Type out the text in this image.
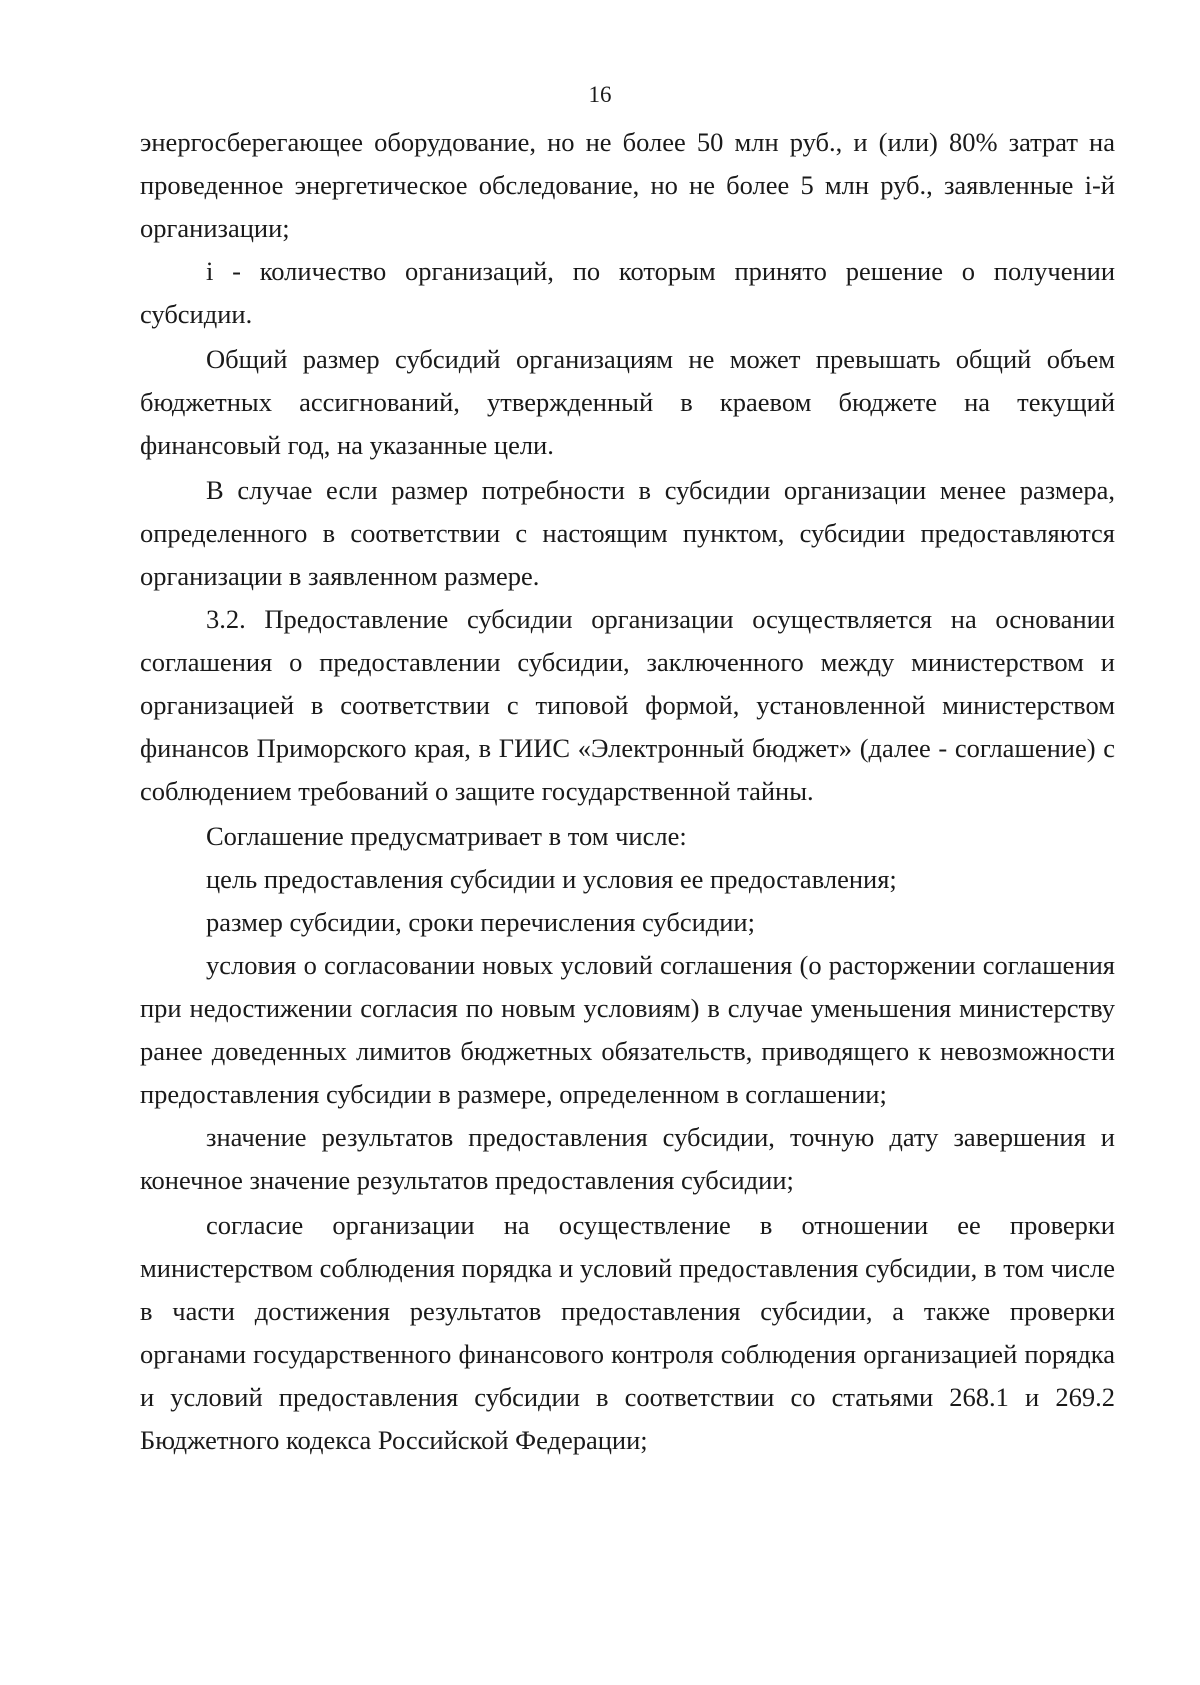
16

энергосберегающее оборудование, но не более 50 млн руб., и (или) 80% затрат на проведенное энергетическое обследование, но не более 5 млн руб., заявленные i-й организации;

i - количество организаций, по которым принято решение о получении субсидии.

Общий размер субсидий организациям не может превышать общий объем бюджетных ассигнований, утвержденный в краевом бюджете на текущий финансовый год, на указанные цели.

В случае если размер потребности в субсидии организации менее размера, определенного в соответствии с настоящим пунктом, субсидии предоставляются организации в заявленном размере.

3.2. Предоставление субсидии организации осуществляется на основании соглашения о предоставлении субсидии, заключенного между министерством и организацией в соответствии с типовой формой, установленной министерством финансов Приморского края, в ГИИС «Электронный бюджет» (далее - соглашение) с соблюдением требований о защите государственной тайны.

Соглашение предусматривает в том числе:

цель предоставления субсидии и условия ее предоставления;

размер субсидии, сроки перечисления субсидии;

условия о согласовании новых условий соглашения (о расторжении соглашения при недостижении согласия по новым условиям) в случае уменьшения министерству ранее доведенных лимитов бюджетных обязательств, приводящего к невозможности предоставления субсидии в размере, определенном в соглашении;

значение результатов предоставления субсидии, точную дату завершения и конечное значение результатов предоставления субсидии;

согласие организации на осуществление в отношении ее проверки министерством соблюдения порядка и условий предоставления субсидии, в том числе в части достижения результатов предоставления субсидии, а также проверки органами государственного финансового контроля соблюдения организацией порядка и условий предоставления субсидии в соответствии со статьями 268.1 и 269.2 Бюджетного кодекса Российской Федерации;
